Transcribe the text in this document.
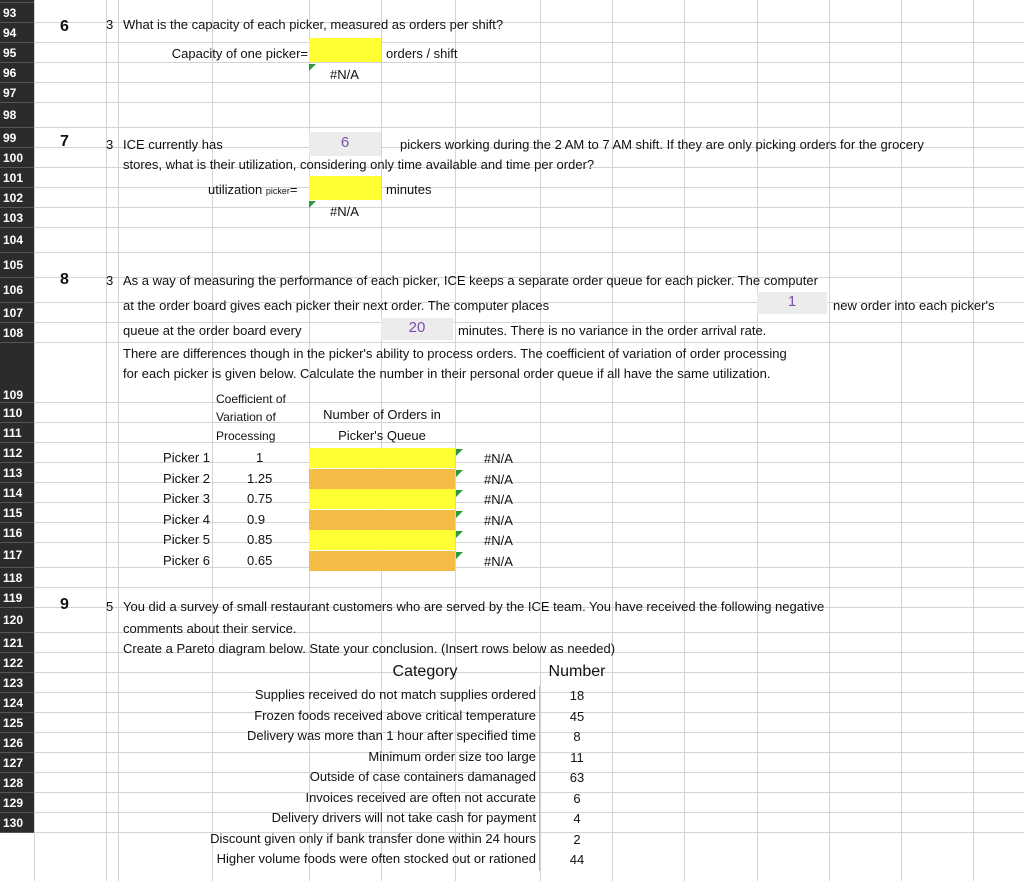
93
94
95
96
97
98
99
100
101
102
103
104
105
106
107
108
109
110
111
112
113
114
115
116
117
118
119
120
121
122
123
124
125
126
127
128
129
130
6	3 What is the capacity of each picker, measured as orders per shift?
Capacity of one picker=	orders / shift
#N/A
7	3 ICE currently has	6	pickers working during the 2 AM to 7 AM shift. If they are only picking orders for the grocery
stores, what is their utilization, considering only time available and time per order?
utilization picker=	minutes
#N/A
8	3 As a way of measuring the performance of each picker, ICE keeps a separate order queue for each picker. The computer
at the order board gives each picker their next order. The computer places	1	new order into each picker's
queue at the order board every	20	minutes. There is no variance in the order arrival rate.
There are differences though in the picker's ability to process orders. The coefficient of variation of order processing
for each picker is given below. Calculate the number in their personal order queue if all have the same utilization.
Coefficient of
Variation of
Processing
Number of Orders in
Picker's Queue
Picker 1	1	#N/A
Picker 2	1.25	#N/A
Picker 3	0.75	#N/A
Picker 4	0.9	#N/A
Picker 5	0.85	#N/A
Picker 6	0.65	#N/A
9	5 You did a survey of small restaurant customers who are served by the ICE team. You have received the following negative
comments about their service.
Create a Pareto diagram below. State your conclusion. (Insert rows below as needed)
Category	Number
Supplies received do not match supplies ordered	18
Frozen foods received above critical temperature	45
Delivery was more than 1 hour after specified time	8
Minimum order size too large	11
Outside of case containers damanaged	63
Invoices received are often not accurate	6
Delivery drivers will not take cash for payment	4
Discount given only if bank transfer done within 24 hours	2
Higher volume foods were often stocked out or rationed	44
